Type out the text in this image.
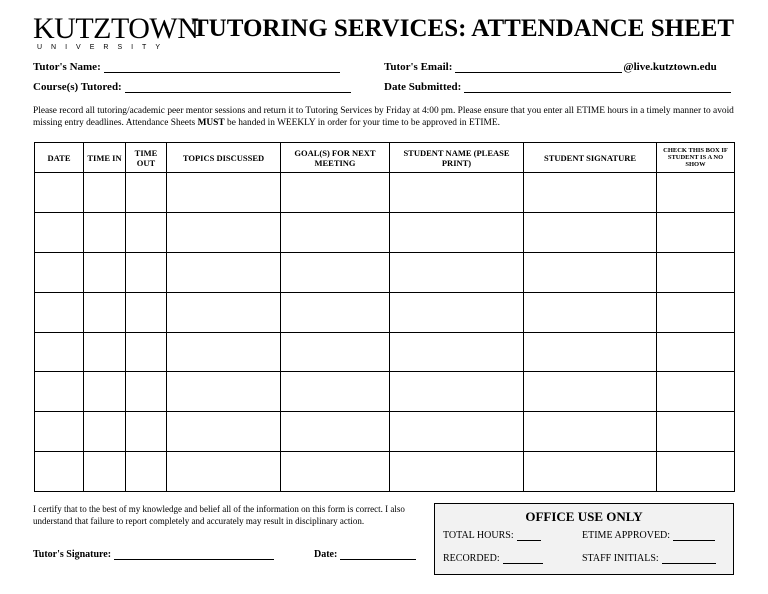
KUTZTOWN
UNIVERSITY
TUTORING SERVICES: ATTENDANCE SHEET
Tutor's Name:	Tutor's Email:	@live.kutztown.edu
Course(s) Tutored:	Date Submitted:
Please record all tutoring/academic peer mentor sessions and return it to Tutoring Services by Friday at 4:00 pm. Please ensure that you enter all ETIME hours in a timely manner to avoid missing entry deadlines. Attendance Sheets MUST be handed in WEEKLY in order for your time to be approved in ETIME.
DATE	TIME IN	TIME OUT	TOPICS DISCUSSED	GOAL(S) FOR NEXT MEETING	STUDENT NAME (PLEASE PRINT)	STUDENT SIGNATURE	CHECK THIS BOX IF STUDENT IS A NO SHOW

I certify that to the best of my knowledge and belief all of the information on this form is correct. I also understand that failure to report completely and accurately may result in disciplinary action.
Tutor's Signature:	Date:
OFFICE USE ONLY
TOTAL HOURS:	ETIME APPROVED:
RECORDED:	STAFF INITIALS:
